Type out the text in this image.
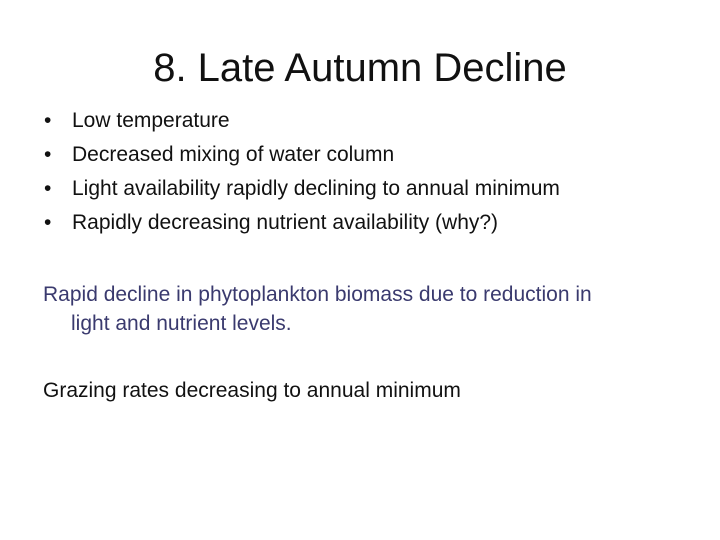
8. Late Autumn Decline
• Low temperature
• Decreased mixing of water column
• Light availability rapidly declining to annual minimum
• Rapidly decreasing nutrient availability (why?)

Rapid decline in phytoplankton biomass due to reduction in
light and nutrient levels.

Grazing rates decreasing to annual minimum
